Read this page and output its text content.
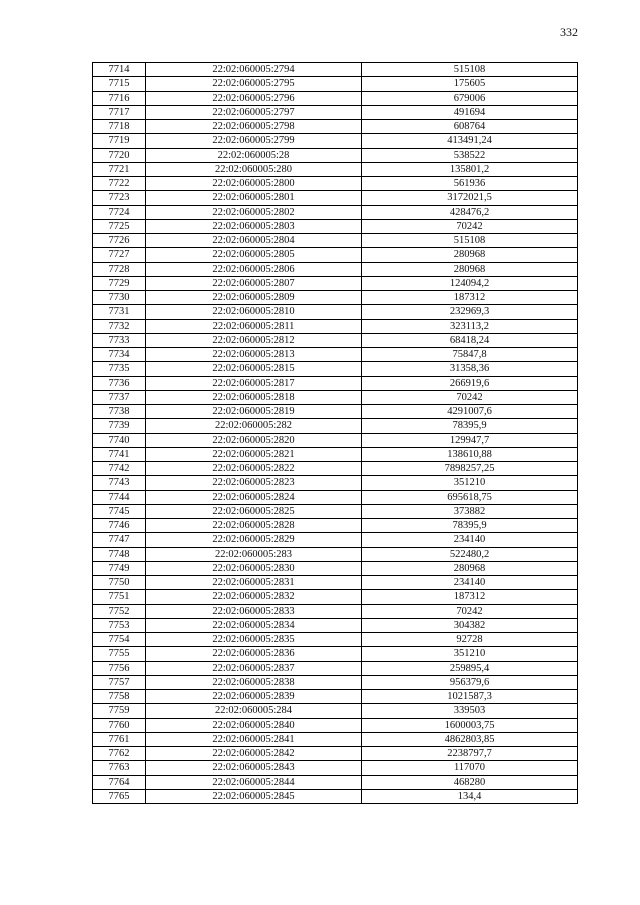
332
7714	22:02:060005:2794	515108
7715	22:02:060005:2795	175605
7716	22:02:060005:2796	679006
7717	22:02:060005:2797	491694
7718	22:02:060005:2798	608764
7719	22:02:060005:2799	413491,24
7720	22:02:060005:28	538522
7721	22:02:060005:280	135801,2
7722	22:02:060005:2800	561936
7723	22:02:060005:2801	3172021,5
7724	22:02:060005:2802	428476,2
7725	22:02:060005:2803	70242
7726	22:02:060005:2804	515108
7727	22:02:060005:2805	280968
7728	22:02:060005:2806	280968
7729	22:02:060005:2807	124094,2
7730	22:02:060005:2809	187312
7731	22:02:060005:2810	232969,3
7732	22:02:060005:2811	323113,2
7733	22:02:060005:2812	68418,24
7734	22:02:060005:2813	75847,8
7735	22:02:060005:2815	31358,36
7736	22:02:060005:2817	266919,6
7737	22:02:060005:2818	70242
7738	22:02:060005:2819	4291007,6
7739	22:02:060005:282	78395,9
7740	22:02:060005:2820	129947,7
7741	22:02:060005:2821	138610,88
7742	22:02:060005:2822	7898257,25
7743	22:02:060005:2823	351210
7744	22:02:060005:2824	695618,75
7745	22:02:060005:2825	373882
7746	22:02:060005:2828	78395,9
7747	22:02:060005:2829	234140
7748	22:02:060005:283	522480,2
7749	22:02:060005:2830	280968
7750	22:02:060005:2831	234140
7751	22:02:060005:2832	187312
7752	22:02:060005:2833	70242
7753	22:02:060005:2834	304382
7754	22:02:060005:2835	92728
7755	22:02:060005:2836	351210
7756	22:02:060005:2837	259895,4
7757	22:02:060005:2838	956379,6
7758	22:02:060005:2839	1021587,3
7759	22:02:060005:284	339503
7760	22:02:060005:2840	1600003,75
7761	22:02:060005:2841	4862803,85
7762	22:02:060005:2842	2238797,7
7763	22:02:060005:2843	117070
7764	22:02:060005:2844	468280
7765	22:02:060005:2845	134,4
